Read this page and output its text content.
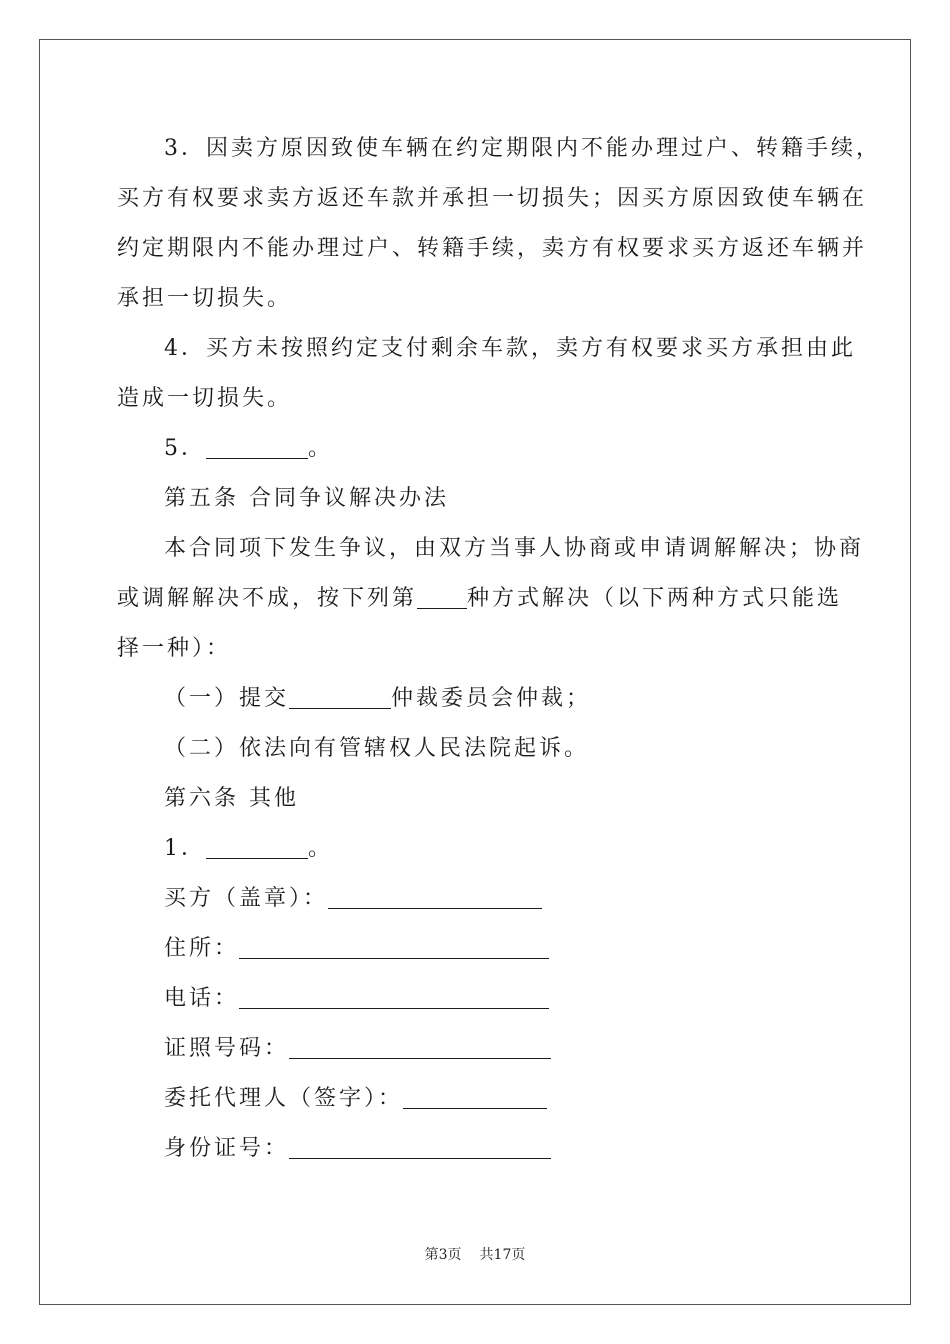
3．因卖方原因致使车辆在约定期限内不能办理过户、转籍手续，

买方有权要求卖方返还车款并承担一切损失；因买方原因致使车辆在

约定期限内不能办理过户、转籍手续，卖方有权要求买方返还车辆并

承担一切损失。

4．买方未按照约定支付剩余车款，卖方有权要求买方承担由此

造成一切损失。

5．	。

第五条 合同争议解决办法

本合同项下发生争议，由双方当事人协商或申请调解解决；协商

或调解解决不成，按下列第 种方式解决（以下两种方式只能选

择一种）：

（一）提交	仲裁委员会仲裁；

（二）依法向有管辖权人民法院起诉。

第六条 其他

1．	。

买方（盖章）：

住所：

电话：

证照号码：

委托代理人（签字）：

身份证号：

第3页 共17页
